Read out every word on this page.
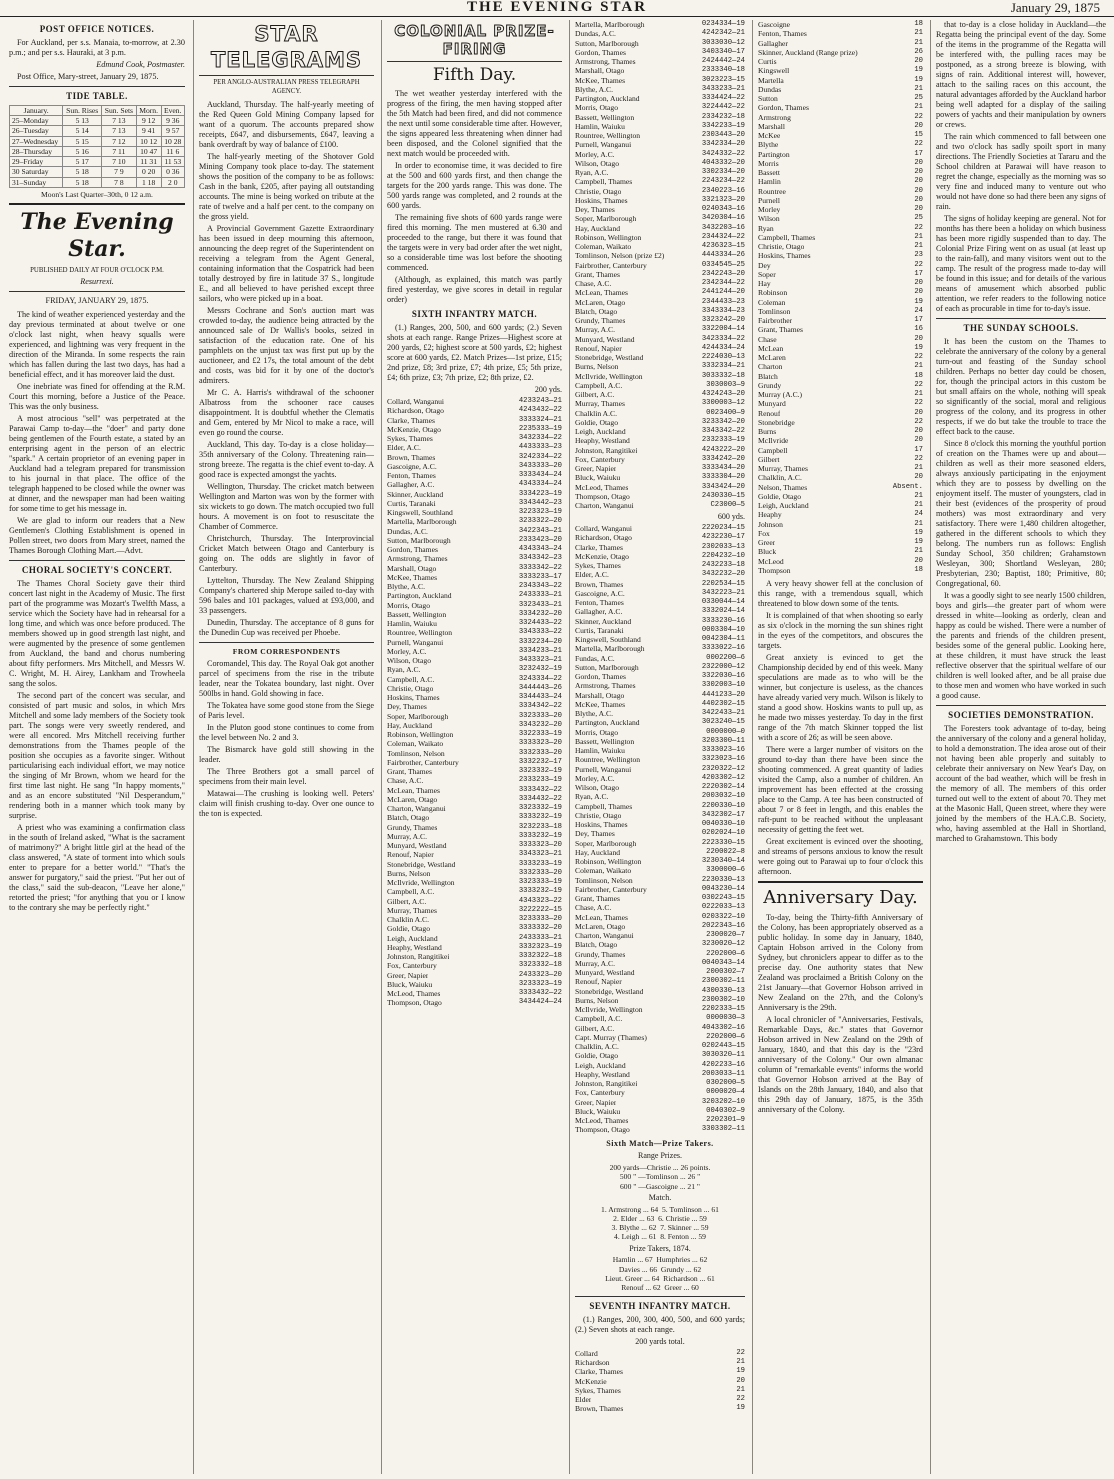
THE EVENING STAR	January 29, 1875
POST OFFICE NOTICES.

For Auckland, per s.s. Manaia, to-morrow, at 2.30 p.m.; and per s.s. Hauraki, at 3 p.m.

Edmund Cook, Postmaster.

Post Office, Mary-street, January 29, 1875.

TIDE TABLE.
January.	Sun. Rises	Sun. Sets	Morn.	Even.
25–Monday	5 13	7 13	9 12	9 36
26–Tuesday	5 14	7 13	9 41	9 57
27–Wednesday	5 15	7 12	10 12	10 28
28–Thursday	5 16	7 11	10 47	11 6
29–Friday	5 17	7 10	11 31	11 53
30 Saturday	5 18	7 9	0 20	0 36
31–Sunday	5 18	7 8	1 18	2 0
Moon's Last Quarter–30th, 0 12 a.m.
The Evening Star.
PUBLISHED DAILY AT FOUR O'CLOCK P.M.
Resurrexi.
FRIDAY, JANUARY 29, 1875.

The kind of weather experienced yesterday and the day previous terminated at about twelve or one o'clock last night, when heavy squalls were experienced, and lightning was very frequent in the direction of the Miranda. In some respects the rain which has fallen during the last two days, has had a beneficial effect, and it has moreover laid the dust.

One inebriate was fined for offending at the R.M. Court this morning, before a Justice of the Peace. This was the only business.

A most atrocious "sell" was perpetrated at the Parawai Camp to-day—the "doer" and party done being gentlemen of the Fourth estate, a stated by an enterprising agent in the person of an electric "spark." A certain proprietor of an evening paper in Auckland had a telegram prepared for transmission to his journal in that place. The office of the telegraph happened to be closed while the owner was at dinner, and the newspaper man had been waiting for some time to get his message in.

We are glad to inform our readers that a New Gentlemen's Clothing Establishment is opened in Pollen street, two doors from Mary street, named the Thames Borough Clothing Mart.—Advt.

CHORAL SOCIETY'S CONCERT.

The Thames Choral Society gave their third concert last night in the Academy of Music. The first part of the programme was Mozart's Twelfth Mass, a service which the Society have had in rehearsal for a long time, and which was once before produced. The members showed up in good strength last night, and were augmented by the presence of some gentlemen from Auckland, the band and chorus numbering about fifty performers. Mrs Mitchell, and Messrs W. C. Wright, M. H. Airey, Lankham and Trowheela sang the solos.

The second part of the concert was secular, and consisted of part music and solos, in which Mrs Mitchell and some lady members of the Society took part. The songs were very sweetly rendered, and were all encored. Mrs Mitchell receiving further demonstrations from the Thames people of the position she occupies as a favorite singer. Without particularising each individual effort, we may notice the singing of Mr Brown, whom we heard for the first time last night. He sang "In happy moments," and as an encore substituted "Nil Desperandum," rendering both in a manner which took many by surprise.

A priest who was examining a confirmation class in the south of Ireland asked, "What is the sacrament of matrimony?" A bright little girl at the head of the class answered, "A state of torment into which souls enter to prepare for a better world." "That's the answer for purgatory," said the priest. "Put her out of the class," said the sub-deacon, "Leave her alone," retorted the priest; "for anything that you or I know to the contrary she may be perfectly right."

STAR TELEGRAMS
PER ANGLO-AUSTRALIAN PRESS TELEGRAPH AGENCY.

Auckland, Thursday. The half-yearly meeting of the Red Queen Gold Mining Company lapsed for want of a quorum. The accounts prepared show receipts, £647, and disbursements, £647, leaving a bank overdraft by way of balance of £100.

The half-yearly meeting of the Shotover Gold Mining Company took place to-day. The statement shows the position of the company to be as follows: Cash in the bank, £205, after paying all outstanding accounts. The mine is being worked on tribute at the rate of twelve and a half per cent. to the company on the gross yield.

A Provincial Government Gazette Extraordinary has been issued in deep mourning this afternoon, announcing the deep regret of the Superintendent on receiving a telegram from the Agent General, containing information that the Cospatrick had been totally destroyed by fire in latitude 37 S., longitude E., and all believed to have perished except three sailors, who were picked up in a boat.

Messrs Cochrane and Son's auction mart was crowded to-day, the audience being attracted by the announced sale of Dr Wallis's books, seized in satisfaction of the education rate. One of his pamphlets on the unjust tax was first put up by the auctioneer, and £2 17s, the total amount of the debt and costs, was bid for it by one of the doctor's admirers.

Mr C. A. Harris's withdrawal of the schooner Albatross from the schooner race causes disappointment. It is doubtful whether the Clematis and Gem, entered by Mr Nicol to make a race, will even go round the course.

Auckland, This day. To-day is a close holiday—35th anniversary of the Colony. Threatening rain—strong breeze. The regatta is the chief event to-day. A good race is expected amongst the yachts.

Wellington, Thursday. The cricket match between Wellington and Marton was won by the former with six wickets to go down. The match occupied two full hours. A movement is on foot to resuscitate the Chamber of Commerce.

Christchurch, Thursday. The Interprovincial Cricket Match between Otago and Canterbury is going on. The odds are slightly in favor of Canterbury.

Lyttelton, Thursday. The New Zealand Shipping Company's chartered ship Merope sailed to-day with 596 bales and 101 packages, valued at £93,000, and 33 passengers.

Dunedin, Thursday. The acceptance of 8 guns for the Dunedin Cup was received per Phoebe.

FROM CORRESPONDENTS

Coromandel, This day. The Royal Oak got another parcel of specimens from the rise in the tribute leader, near the Tokatea boundary, last night. Over 500lbs in hand. Gold showing in face.

The Tokatea have some good stone from the Siege of Paris level.

In the Pluton good stone continues to come from the level between No. 2 and 3.

The Bismarck have gold still showing in the leader.

The Three Brothers got a small parcel of specimens from their main level.

Matawai—The crushing is looking well. Peters' claim will finish crushing to-day. Over one ounce to the ton is expected.

COLONIAL PRIZE-FIRING
Fifth Day.

The wet weather yesterday interfered with the progress of the firing, the men having stopped after the 5th Match had been fired, and did not commence the next until some considerable time after. However, the signs appeared less threatening when dinner had been disposed, and the Colonel signified that the next match would be proceeded with.

In order to economise time, it was decided to fire at the 500 and 600 yards first, and then change the targets for the 200 yards range. This was done. The 500 yards range was completed, and 2 rounds at the 600 yards.

The remaining five shots of 600 yards range were fired this morning. The men mustered at 6.30 and proceeded to the range, but there it was found that the targets were in very bad order after the wet night, so a considerable time was lost before the shooting commenced.

(Although, as explained, this match was partly fired yesterday, we give scores in detail in regular order)

SIXTH INFANTRY MATCH.

(1.) Ranges, 200, 500, and 600 yards; (2.) Seven shots at each range. Range Prizes—Highest score at 200 yards, £2; highest score at 500 yards, £2; highest score at 600 yards, £2. Match Prizes—1st prize, £15; 2nd prize, £8; 3rd prize, £7; 4th prize, £5; 5th prize, £4; 6th prize, £3; 7th prize, £2; 8th prize, £2.

200 yds.
Collard, Wanganui	4233243—21
Richardson, Otago	4243432—22
Clarke, Thames	3333324—21
McKenzie, Otago	2235333—19
Sykes, Thames	3432334—22
Elder, A.C.	4433333—23
Brown, Thames	3242334—22
Gascoigne, A.C.	3433333—20
Fenton, Thames	3333434—24
Gallagher, A.C.	4343334—24
Skinner, Auckland	3334223—19
Curtis, Taranaki	3343442—23
Kingswell, Southland	3223323—19
Martella, Marlborough	3233322—20
Dundas, A.C.	3422343—21
Sutton, Marlborough	2333423—20
Gordon, Thames	4343343—24
Armstrong, Thames	3343342—23
Marshall, Otago	3333342—22
McKee, Thames	3333233—17
Blythe, A.C.	2343343—22
Partington, Auckland	2433333—21
Morris, Otago	3323433—21
Bassett, Wellington	3334232—20
Hamlin, Waiuku	3324433—22
Rountree, Wellington	3343333—22
Purnell, Wanganui	3332234—20
Morley, A.C.	3334233—21
Wilson, Otago	3433323—21
Ryan, A.C.	3232432—19
Campbell, A.C.	3243334—22
Christie, Otago	3444443—26
Hoskins, Thames	3344433—24
Dey, Thames	3334342—22
Soper, Marlborough	3323333—20
Hay, Auckland	3343232—20
Robinson, Wellington	3322333—19
Coleman, Waikato	3333323—20
Tomlinson, Nelson	3332333—20
Fairbrother, Canterbury	3332232—17
Grant, Thames	3323332—19
Chase, A.C.	2333233—19
McLean, Thames	3333432—22
McLaren, Otago	3334432—22
Charton, Wanganui	3323332—19
Blatch, Otago	3333232—19
Grundy, Thames	3232233—18
Murray, A.C.	3333232—19
Munyard, Westland	3333323—20
Renouf, Napier	3343323—21
Stonebridge, Westland	3333233—19
Burns, Nelson	3332333—20
McIlvride, Wellington	3323333—19
Campbell, A.C.	3333232—19
Gilbert, A.C.	4343323—22
Murray, Thames	3222222—15
Chalklin A.C.	3233333—20
Goldie, Otago	3333332—20
Leigh, Auckland	2433333—21
Heaphy, Westland	3332323—19
Johnston, Rangitikei	3332322—18
Fox, Canterbury	3323332—18
Greer, Napier	2433323—20
Bluck, Waiuku	3233323—19
McLeod, Thames	3333432—22
Thompson, Otago	3434424—24
Martella, Marlborough	0234334—19
Dundas, A.C.	4242342—21
Sutton, Marlborough	3033030—12
Gordon, Thames	3403340—17
Armstrong, Thames	2424442—24
Marshall, Otago	2333340—18
McKee, Thames	3023223—15
Blythe, A.C.	3433233—21
Partington, Auckland	3334424—22
Morris, Otago	3224442—22
Bassett, Wellington	2334232—18
Hamlin, Waiuku	3342233—19
Rountree, Wellington	2303443—20
Purnell, Wanganui	3342334—20
Morley, A.C.	3424332—22
Wilson, Otago	4043332—20
Ryan, A.C.	3302334—20
Campbell, Thames	2243234—22
Christie, Otago	2340223—16
Hoskins, Thames	3321323—20
Dey, Thames	0240343—16
Soper, Marlborough	3420304—16
Hay, Auckland	3432203—16
Robinson, Wellington	2344324—22
Coleman, Waikato	4236323—15
Tomlinson, Nelson (prize £2)	4443334—26
Fairbrother, Canterbury	0334545—25
Grant, Thames	2342243—20
Chase, A.C.	2342344—22
McLean, Thames	2441244—20
McLaren, Otago	2344433—23
Blatch, Otago	3343334—23
Grundy, Thames	3323242—20
Murray, A.C.	3322004—14
Munyard, Westland	3423334—22
Renouf, Napier	4244334—24
Stonebridge, Westland	2224030—13
Burns, Nelson	3332334—21
McIlvride, Wellington	3033332—18
Campbell, A.C.	3030003—9
Gilbert, A.C.	4324243—20
Murray, Thames	3300003—12
Chalklin A.C.	0023400—9
Goldie, Otago	3233342—20
Leigh, Auckland	3343342—22
Heaphy, Westland	2332333—19
Johnston, Rangitikei	4243222—20
Fox, Canterbury	3334242—20
Greer, Napier	3333434—20
Bluck, Waiuku	3333304—20
McLeod, Thames	3343424—20
Thompson, Otago	2430330—15
Charton, Wanganui	C23000—5
600 yds.
Collard, Wanganui	2220234—15
Richardson, Otago	4232230—17
Clarke, Thames	2302033—13
McKenzie, Otago	2204232—10
Sykes, Thames	2432233—18
Elder, A.C.	3432232—20
Brown, Thames	2202534—15
Gascoigne, A.C.	3432223—21
Fenton, Thames	0330044—14
Gallagher, A.C.	3332024—14
Skinner, Auckland	3333230—16
Curtis, Taranaki	0003304—10
Kingswell, Southland	0042304—11
Martella, Marlborough	3333022—16
Fundas, A.C.	0002200—6
Sutton, Marlborough	2322000—12
Gordon, Thames	3322030—16
Armstrong, Thames	3302003—10
Marshall, Otago	4441233—20
McKee, Thames	4402302—15
Blythe, A.C.	3422433—21
Partington, Auckland	3023240—15
Morris, Otago	0000000—0
Bassett, Wellington	3203300—11
Hamlin, Waiuku	3333023—16
Rountree, Wellington	3323023—16
Purnell, Wanganui	2320322—12
Morley, A.C.	4203302—12
Wilson, Otago	2220302—14
Ryan, A.C.	2003032—10
Campbell, Thames	2200330—10
Christie, Otago	3432302—17
Hoskins, Thames	0040330—10
Dey, Thames	0202024—10
Soper, Marlborough	2223330—15
Hay, Auckland	2200022—8
Robinson, Wellington	3230340—14
Coleman, Waikato	3300000—6
Tomlinson, Nelson	2230330—13
Fairbrother, Canterbury	0043230—14
Grant, Thames	0302243—15
Chase, A.C.	0222033—13
McLean, Thames	0203322—10
McLaren, Otago	2022343—16
Charton, Wanganui	2300020—7
Blatch, Otago	3230020—12
Grundy, Thames	2202000—6
Murray, A.C.	0040343—14
Munyard, Westland	2000302—7
Renouf, Napier	2300302—11
Stonebridge, Westland	4300330—13
Burns, Nelson	2300302—10
McIlvride, Wellington	2202333—15
Campbell, A.C.	0000030—3
Gilbert, A.C.	4043302—16
Capt. Murray (Thames)	2202000—6
Chalklin, A.C.	0202443—15
Goldie, Otago	3030320—11
Leigh, Auckland	4202233—16
Heaphy, Westland	2003033—11
Johnston, Rangitikei	0302000—5
Fox, Canterbury	0000020—4
Greer, Napier	3203202—10
Bluck, Waiuku	0040302—9
McLeod, Thames	2202301—9
Thompson, Otago	3303302—11
Sixth Match—Prize Takers.
Range Prizes.
200 yards—Christie ... 26 points.
500 " —Tomlinson ... 26 "
600 " —Gascoigne ... 21 "
Match.
1. Armstrong ... 64  5. Tomlinson ... 61
2. Elder ... 63  6. Christie ... 59
3. Blythe ... 62  7. Skinner ... 59
4. Leigh ... 61  8. Fenton ... 59
Prize Takers, 1874.
Hamlin ... 67  Humphries ... 62
Davies ... 66  Grundy ... 62
Lieut. Greer ... 64  Richardson ... 61
Renouf ... 62  Greer ... 60
SEVENTH INFANTRY MATCH.

(1.) Ranges, 200, 300, 400, 500, and 600 yards; (2.) Seven shots at each range.

200 yards total.
Collard	22
Richardson	21
Clarke, Thames	19
McKenzie	20
Sykes, Thames	21
Elder	22
Brown, Thames	19
Gascoigne	18
Fenton, Thames	21
Gallagher	21
Skinner, Auckland (Range prize)	26
Curtis	20
Kingswell	19
Martella	19
Dundas	21
Sutton	25
Gordon, Thames	21
Armstrong	22
Marshall	20
McKee	15
Blythe	22
Partington	17
Morris	20
Bassett	20
Hamlin	20
Rountree	20
Purnell	20
Morley	20
Wilson	25
Ryan	22
Campbell, Thames	21
Christie, Otago	21
Hoskins, Thames	23
Dey	22
Soper	17
Hay	20
Robinson	20
Coleman	19
Tomlinson	24
Fairbrother	17
Grant, Thames	16
Chase	20
McLean	19
McLaren	22
Charton	21
Blatch	18
Grundy	22
Murray (A.C.)	21
Munyard	22
Renouf	20
Stonebridge	22
Burns	20
McIlvride	20
Campbell	17
Gilbert	22
Murray, Thames	21
Chalklin, A.C.	20
Nelson, Thames	Absent.
Goldie, Otago	21
Leigh, Auckland	21
Heaphy	24
Johnson	21
Fox	19
Greer	19
Bluck	21
McLeod	20
Thompson	18

A very heavy shower fell at the conclusion of this range, with a tremendous squall, which threatened to blow down some of the tents.

It is complained of that when shooting so early as six o'clock in the morning the sun shines right in the eyes of the competitors, and obscures the targets.

Great anxiety is evinced to get the Championship decided by end of this week. Many speculations are made as to who will be the winner, but conjecture is useless, as the chances have already varied very much. Wilson is likely to stand a good show. Hoskins wants to pull up, as he made two misses yesterday. To day in the first range of the 7th match Skinner topped the list with a score of 26; as will be seen above.

There were a larger number of visitors on the ground to-day than there have been since the shooting commenced. A great quantity of ladies visited the Camp, also a number of children. An improvement has been effected at the crossing place to the Camp. A tee has been constructed of about 7 or 8 feet in length, and this enables the raft-punt to be reached without the unpleasant necessity of getting the feet wet.

Great excitement is evinced over the shooting, and streams of persons anxious to know the result were going out to Parawai up to four o'clock this afternoon.

Anniversary Day.

To-day, being the Thirty-fifth Anniversary of the Colony, has been appropriately observed as a public holiday. In some day in January, 1840, Captain Hobson arrived in the Colony from Sydney, but chroniclers appear to differ as to the precise day. One authority states that New Zealand was proclaimed a British Colony on the 21st January—that Governor Hobson arrived in New Zealand on the 27th, and the Colony's Anniversary is the 29th.

A local chronicler of "Anniversaries, Festivals, Remarkable Days, &c." states that Governor Hobson arrived in New Zealand on the 29th of January, 1840, and that this day is the "23rd anniversary of the Colony." Our own almanac column of "remarkable events" informs the world that Governor Hobson arrived at the Bay of Islands on the 28th January, 1840, and also that this 29th day of January, 1875, is the 35th anniversary of the Colony.

that to-day is a close holiday in Auckland—the Regatta being the principal event of the day. Some of the items in the programme of the Regatta will be interfered with, the pulling races may be postponed, as a strong breeze is blowing, with signs of rain. Additional interest will, however, attach to the sailing races on this account, the natural advantages afforded by the Auckland harbor being well adapted for a display of the sailing powers of yachts and their manipulation by owners or crews.

The rain which commenced to fall between one and two o'clock has sadly spoilt sport in many directions. The Friendly Societies at Tararu and the School children at Parawai will have reason to regret the change, especially as the morning was so very fine and induced many to venture out who would not have done so had there been any signs of rain.

The signs of holiday keeping are general. Not for months has there been a holiday on which business has been more rigidly suspended than to day. The Colonial Prize Firing went on as usual (at least up to the rain-fall), and many visitors went out to the camp. The result of the progress made to-day will be found in this issue; and for details of the various means of amusement which absorbed public attention, we refer readers to the following notice of each as procurable in time for to-day's issue.

THE SUNDAY SCHOOLS.

It has been the custom on the Thames to celebrate the anniversary of the colony by a general turn-out and feasting of the Sunday school children. Perhaps no better day could be chosen, for, though the principal actors in this custom be but small affairs on the whole, nothing will speak so significantly of the social, moral and religious progress of the colony, and its progress in other respects, if we do but take the trouble to trace the effect back to the cause.

Since 8 o'clock this morning the youthful portion of creation on the Thames were up and about—children as well as their more seasoned elders, always anxiously participating in the enjoyment which they are to possess by dwelling on the enjoyment itself. The muster of youngsters, clad in their best (evidences of the prosperity of proud mothers) was most extraordinary and very satisfactory. There were 1,480 children altogether, gathered in the different schools to which they belong. The numbers run as follows: English Sunday School, 350 children; Grahamstown Wesleyan, 300; Shortland Wesleyan, 280; Presbyterian, 230; Baptist, 180; Primitive, 80; Congregational, 60.

It was a goodly sight to see nearly 1500 children, boys and girls—the greater part of whom were dressed in white—looking as orderly, clean and happy as could be wished. There were a number of the parents and friends of the children present, besides some of the general public. Looking here, at these children, it must have struck the least reflective observer that the spiritual welfare of our children is well looked after, and be all praise due to those men and women who have worked in such a good cause.

SOCIETIES DEMONSTRATION.

The Foresters took advantage of to-day, being the anniversary of the colony and a general holiday, to hold a demonstration. The idea arose out of their not having been able properly and suitably to celebrate their anniversary on New Year's Day, on account of the bad weather, which will be fresh in the memory of all. The members of this order turned out well to the extent of about 70. They met at the Masonic Hall, Queen street, where they were joined by the members of the H.A.C.B. Society, who, having assembled at the Hall in Shortland, marched to Grahamstown. This body
